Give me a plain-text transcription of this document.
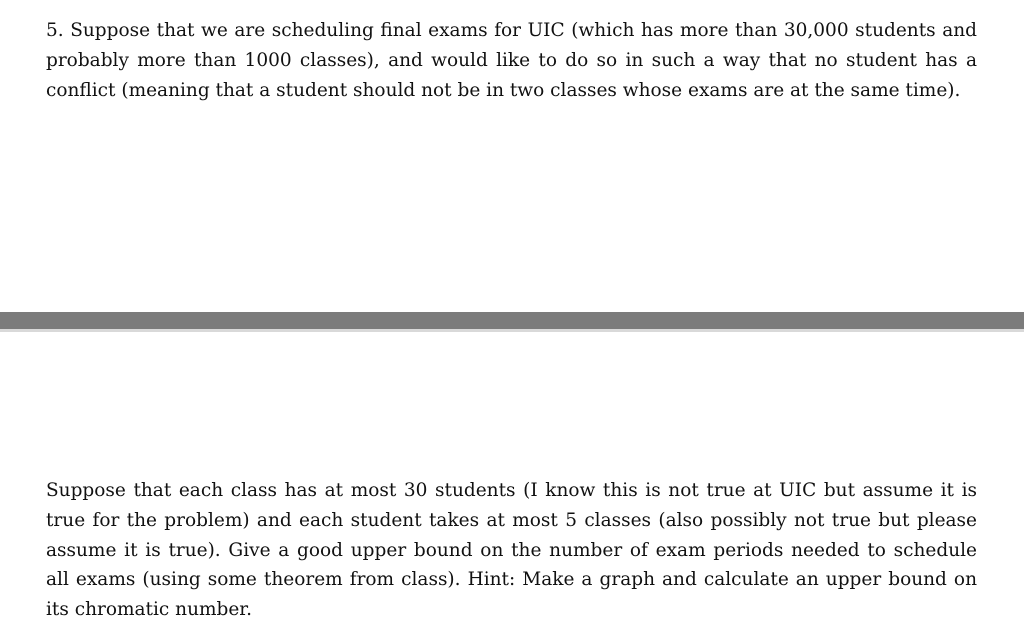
5. Suppose that we are scheduling final exams for UIC (which has more than 30,000 students and
probably more than 1000 classes), and would like to do so in such a way that no student has a
conflict (meaning that a student should not be in two classes whose exams are at the same time).
Suppose that each class has at most 30 students (I know this is not true at UIC but assume it is
true for the problem) and each student takes at most 5 classes (also possibly not true but please
assume it is true). Give a good upper bound on the number of exam periods needed to schedule
all exams (using some theorem from class). Hint: Make a graph and calculate an upper bound on
its chromatic number.
